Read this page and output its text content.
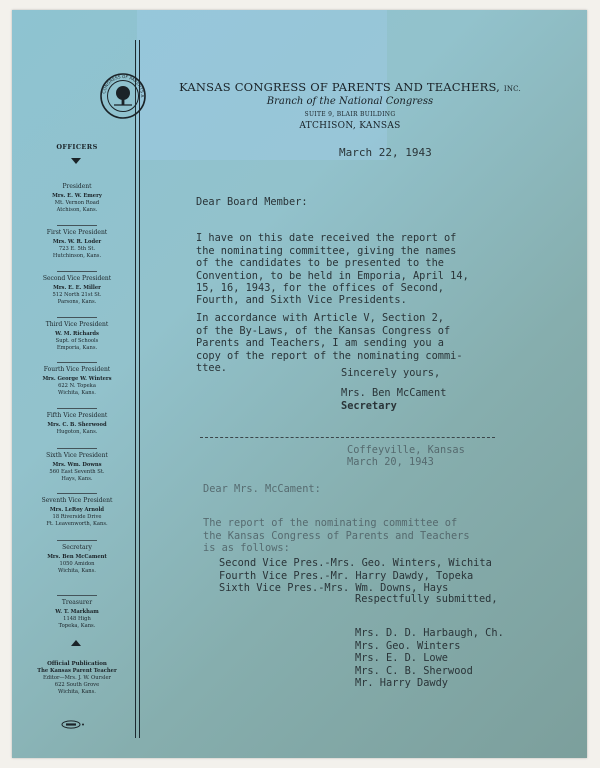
CONGRESS OF PARENTS A
KANSAS CONGRESS OF PARENTS AND TEACHERS, INC.
Branch of the National Congress
SUITE 9, BLAIR BUILDING
ATCHISON, KANSAS
OFFICERS
President
Mrs. E. W. Emery
Mt. Vernon Road
Atchison, Kans.
First Vice President
Mrs. W. R. Loder
723 E. 5th St.
Hutchinson, Kans.
Second Vice President
Mrs. E. E. Miller
512 North 21st St.
Parsons, Kans.
Third Vice President
W. M. Richards
Supt. of Schools
Emporia, Kans.
Fourth Vice President
Mrs. George W. Winters
622 N. Topeka
Wichita, Kans.
Fifth Vice President
Mrs. C. B. Sherwood
Hugoton, Kans.
Sixth Vice President
Mrs. Wm. Downs
560 East Seventh St.
Hays, Kans.
Seventh Vice President
Mrs. LeRoy Arnold
18 Riverside Drive
Ft. Leavenworth, Kans.
Secretary
Mrs. Ben McCament
1050 Amidon
Wichita, Kans.
Treasurer
W. T. Markham
1148 High
Topeka, Kans.
Official Publication
The Kansas Parent Teacher
Editor—Mrs. J. W. Oursler
622 South Grove
Wichita, Kans.
March 22, 1943
Dear Board Member:

I have on this date received the report of
the nominating committee, giving the names
of the candidates to be presented to the
Convention, to be held in Emporia, April 14,
15, 16, 1943, for the offices of Second,
Fourth, and Sixth Vice Presidents.

In accordance with Article V, Section 2,
of the By-Laws, of the Kansas Congress of
Parents and Teachers, I am sending you a
copy of the report of the nominating commi-
ttee.	Sincerely yours,
Mrs. Ben McCament
Secretary
Coffeyville, Kansas
March 20, 1943
Dear Mrs. McCament:

The report of the nominating committee of
the Kansas Congress of Parents and Teachers
is as follows:

Second Vice Pres.-Mrs. Geo. Winters, Wichita
Fourth Vice Pres.-Mr. Harry Dawdy, Topeka
Sixth Vice Pres.-Mrs. Wm. Downs, Hays

Respectfully submitted,

Mrs. D. D. Harbaugh, Ch.
Mrs. Geo. Winters
Mrs. E. D. Lowe
Mrs. C. B. Sherwood
Mr. Harry Dawdy
